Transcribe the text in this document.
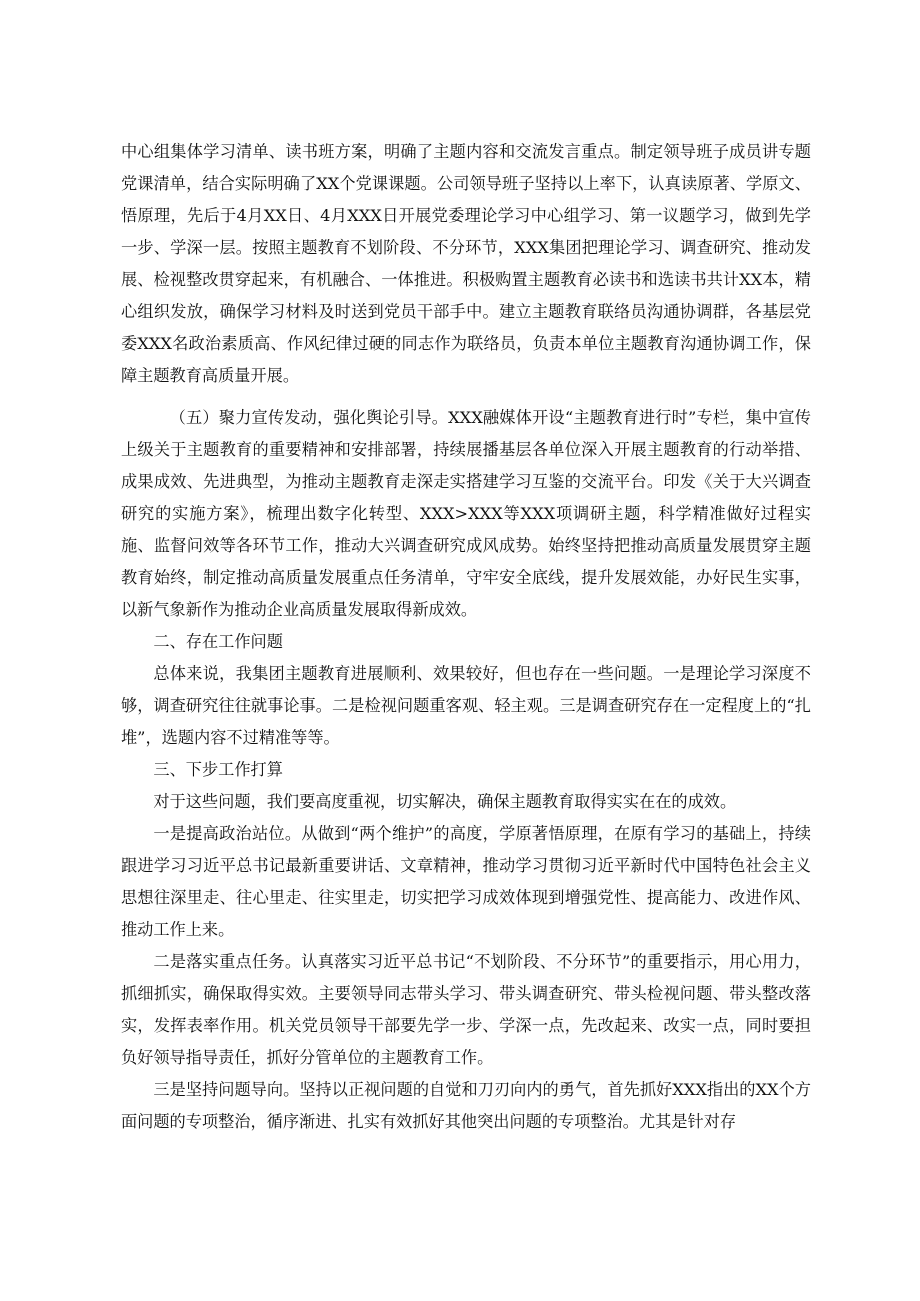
中心组集体学习清单、读书班方案，明确了主题内容和交流发言重点。制定领导班子成员讲专题党课清单，结合实际明确了XX个党课课题。公司领导班子坚持以上率下，认真读原著、学原文、悟原理，先后于4月XX日、4月XXX日开展党委理论学习中心组学习、第一议题学习，做到先学一步、学深一层。按照主题教育不划阶段、不分环节，XXX集团把理论学习、调查研究、推动发展、检视整改贯穿起来，有机融合、一体推进。积极购置主题教育必读书和选读书共计XX本，精心组织发放，确保学习材料及时送到党员干部手中。建立主题教育联络员沟通协调群，各基层党委XXX名政治素质高、作风纪律过硬的同志作为联络员，负责本单位主题教育沟通协调工作，保障主题教育高质量开展。

（五）聚力宣传发动，强化舆论引导。XXX融媒体开设“主题教育进行时”专栏，集中宣传上级关于主题教育的重要精神和安排部署，持续展播基层各单位深入开展主题教育的行动举措、成果成效、先进典型，为推动主题教育走深走实搭建学习互鉴的交流平台。印发《关于大兴调查研究的实施方案》，梳理出数字化转型、XXX>XXX等XXX项调研主题，科学精准做好过程实施、监督问效等各环节工作，推动大兴调查研究成风成势。始终坚持把推动高质量发展贯穿主题教育始终，制定推动高质量发展重点任务清单，守牢安全底线，提升发展效能，办好民生实事，以新气象新作为推动企业高质量发展取得新成效。

二、存在工作问题

总体来说，我集团主题教育进展顺利、效果较好，但也存在一些问题。一是理论学习深度不够，调查研究往往就事论事。二是检视问题重客观、轻主观。三是调查研究存在一定程度上的“扎堆”，选题内容不过精准等等。

三、下步工作打算

对于这些问题，我们要高度重视，切实解决，确保主题教育取得实实在在的成效。

一是提高政治站位。从做到“两个维护”的高度，学原著悟原理，在原有学习的基础上，持续跟进学习习近平总书记最新重要讲话、文章精神，推动学习贯彻习近平新时代中国特色社会主义思想往深里走、往心里走、往实里走，切实把学习成效体现到增强党性、提高能力、改进作风、推动工作上来。

二是落实重点任务。认真落实习近平总书记“不划阶段、不分环节”的重要指示，用心用力，抓细抓实，确保取得实效。主要领导同志带头学习、带头调查研究、带头检视问题、带头整改落实，发挥表率作用。机关党员领导干部要先学一步、学深一点，先改起来、改实一点，同时要担负好领导指导责任，抓好分管单位的主题教育工作。

三是坚持问题导向。坚持以正视问题的自觉和刀刃向内的勇气，首先抓好XXX指出的XX个方面问题的专项整治，循序渐进、扎实有效抓好其他突出问题的专项整治。尤其是针对存
